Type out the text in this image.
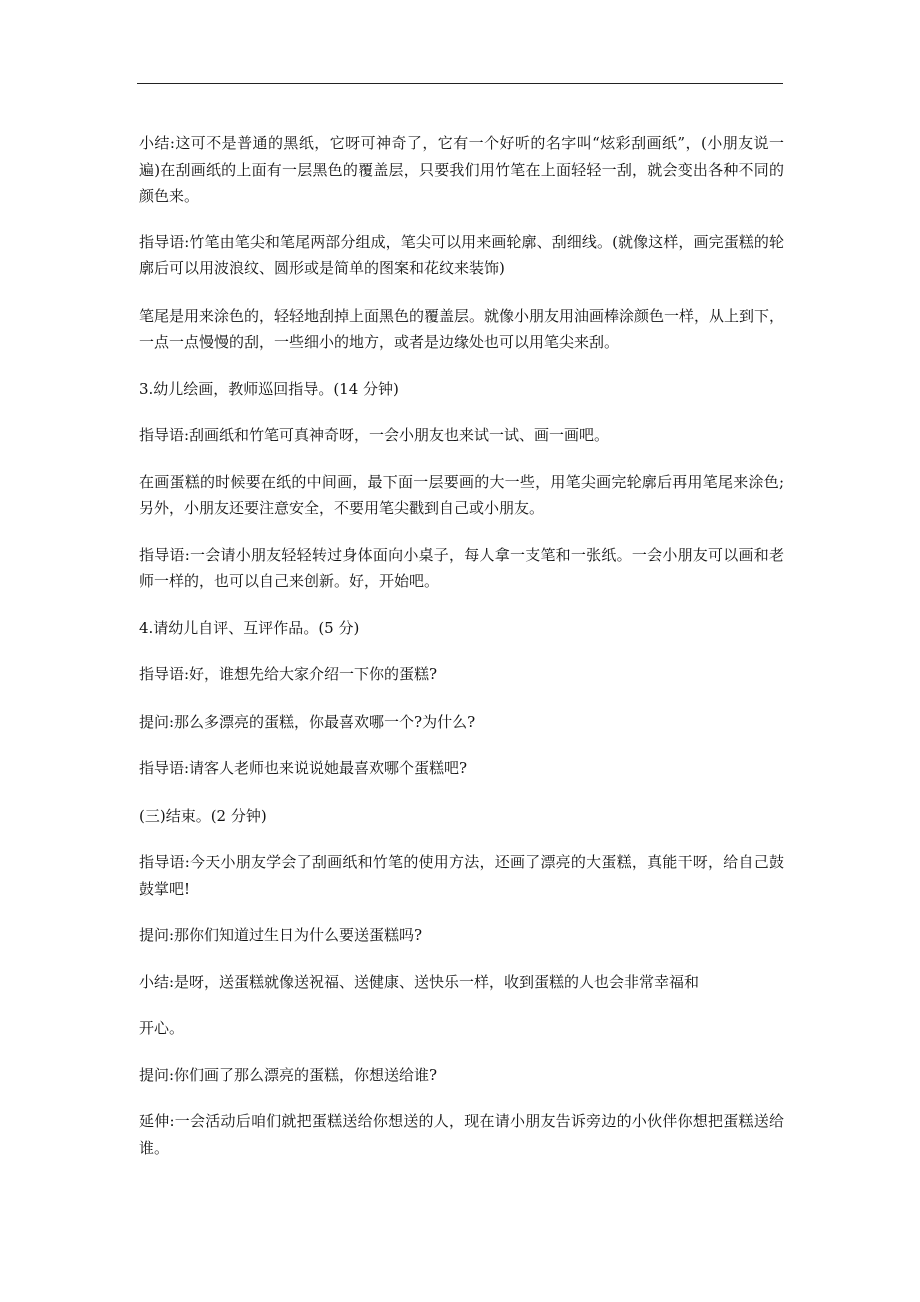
小结:这可不是普通的黑纸，它呀可神奇了，它有一个好听的名字叫“炫彩刮画纸”，(小朋友说一遍)在刮画纸的上面有一层黑色的覆盖层，只要我们用竹笔在上面轻轻一刮，就会变出各种不同的颜色来。

指导语:竹笔由笔尖和笔尾两部分组成，笔尖可以用来画轮廓、刮细线。(就像这样，画完蛋糕的轮廓后可以用波浪纹、圆形或是简单的图案和花纹来装饰)

笔尾是用来涂色的，轻轻地刮掉上面黑色的覆盖层。就像小朋友用油画棒涂颜色一样，从上到下，一点一点慢慢的刮，一些细小的地方，或者是边缘处也可以用笔尖来刮。

3.幼儿绘画，教师巡回指导。(14 分钟)

指导语:刮画纸和竹笔可真神奇呀，一会小朋友也来试一试、画一画吧。

在画蛋糕的时候要在纸的中间画，最下面一层要画的大一些，用笔尖画完轮廓后再用笔尾来涂色;另外，小朋友还要注意安全，不要用笔尖戳到自己或小朋友。

指导语:一会请小朋友轻轻转过身体面向小桌子，每人拿一支笔和一张纸。一会小朋友可以画和老师一样的，也可以自己来创新。好，开始吧。

4.请幼儿自评、互评作品。(5 分)

指导语:好，谁想先给大家介绍一下你的蛋糕?

提问:那么多漂亮的蛋糕，你最喜欢哪一个?为什么?

指导语:请客人老师也来说说她最喜欢哪个蛋糕吧?

(三)结束。(2 分钟)

指导语:今天小朋友学会了刮画纸和竹笔的使用方法，还画了漂亮的大蛋糕，真能干呀，给自己鼓鼓掌吧!

提问:那你们知道过生日为什么要送蛋糕吗?

小结:是呀，送蛋糕就像送祝福、送健康、送快乐一样，收到蛋糕的人也会非常幸福和

开心。

提问:你们画了那么漂亮的蛋糕，你想送给谁?

延伸:一会活动后咱们就把蛋糕送给你想送的人，现在请小朋友告诉旁边的小伙伴你想把蛋糕送给谁。
